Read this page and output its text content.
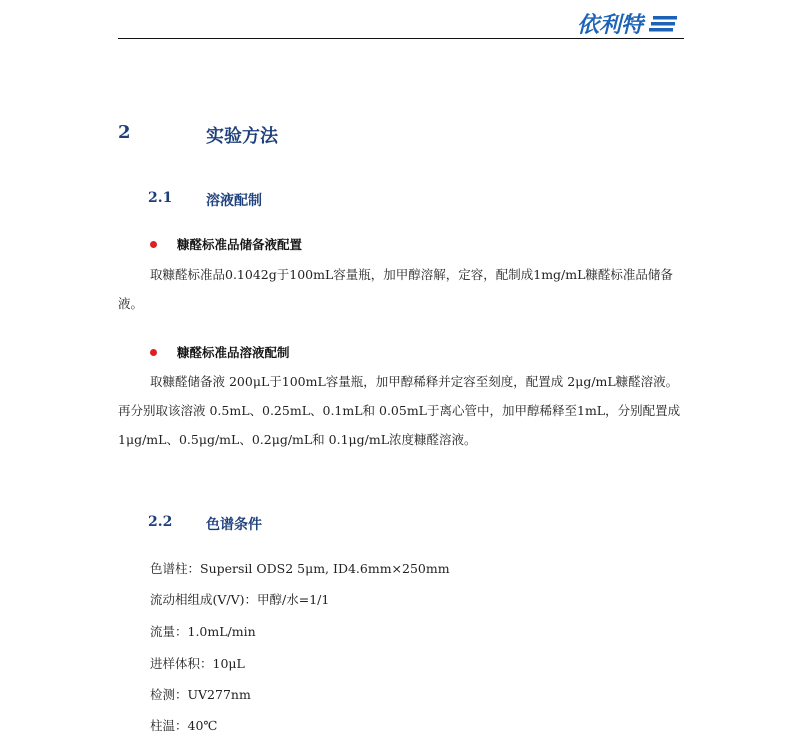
依利特
2	实验方法
2.1	溶液配制
糠醛标准品储备液配置
取糠醛标准品0.1042g于100mL容量瓶，加甲醇溶解，定容，配制成1mg/mL糠醛标准品储备
液。
糠醛标准品溶液配制
取糠醛储备液 200μL于100mL容量瓶，加甲醇稀释并定容至刻度，配置成 2μg/mL糠醛溶液。
再分别取该溶液 0.5mL、0.25mL、0.1mL和 0.05mL于离心管中，加甲醇稀释至1mL，分别配置成
1μg/mL、0.5μg/mL、0.2μg/mL和 0.1μg/mL浓度糠醛溶液。
2.2	色谱条件
色谱柱：Supersil ODS2 5μm, ID4.6mm×250mm
流动相组成(V/V)：甲醇/水=1/1
流量：1.0mL/min
进样体积：10μL
检测：UV277nm
柱温：40℃
